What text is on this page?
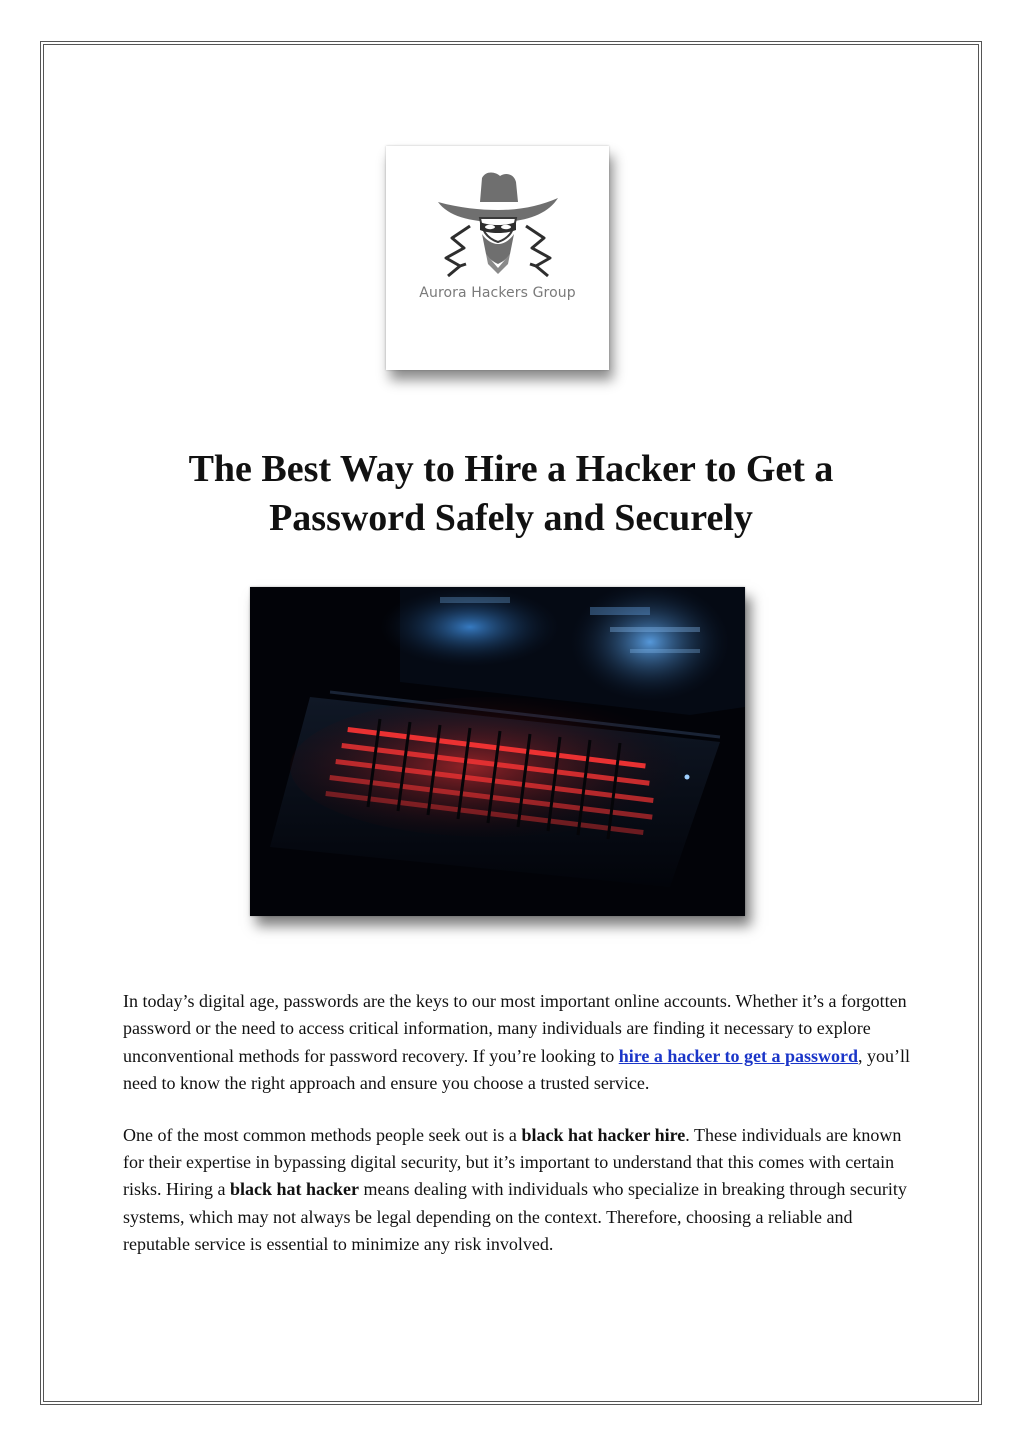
Aurora Hackers Group
The Best Way to Hire a Hacker to Get a
Password Safely and Securely

In today’s digital age, passwords are the keys to our most important online accounts. Whether it’s a forgotten password or the need to access critical information, many individuals are finding it necessary to explore unconventional methods for password recovery. If you’re looking to hire a hacker to get a password, you’ll need to know the right approach and ensure you choose a trusted service.

One of the most common methods people seek out is a black hat hacker hire. These individuals are known for their expertise in bypassing digital security, but it’s important to understand that this comes with certain risks. Hiring a black hat hacker means dealing with individuals who specialize in breaking through security systems, which may not always be legal depending on the context. Therefore, choosing a reliable and reputable service is essential to minimize any risk involved.
